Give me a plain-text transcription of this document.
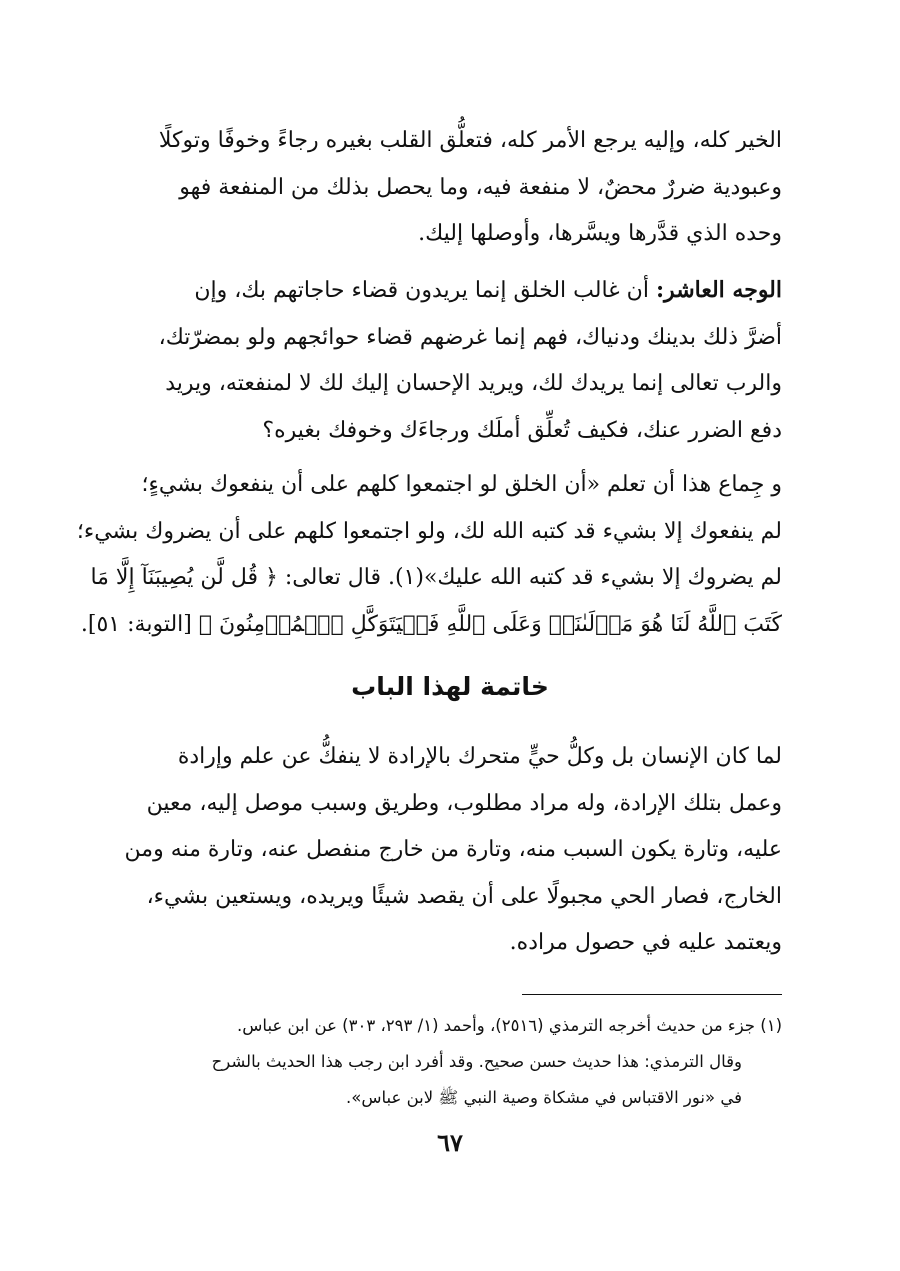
الخير كله، وإليه يرجع الأمر كله، فتعلُّق القلب بغيره رجاءً وخوفًا وتوكلًا
وعبودية ضررٌ محضٌ، لا منفعة فيه، وما يحصل بذلك من المنفعة فهو
وحده الذي قدَّرها ويسَّرها، وأوصلها إليك.
الوجه العاشر: أن غالب الخلق إنما يريدون قضاء حاجاتهم بك، وإن
أضرَّ ذلك بدينك ودنياك، فهم إنما غرضهم قضاء حوائجهم ولو بمضرّتك،
والرب تعالى إنما يريدك لك، ويريد الإحسان إليك لك لا لمنفعته، ويريد
دفع الضرر عنك، فكيف تُعلِّق أملَك ورجاءَك وخوفك بغيره؟
و جِماع هذا أن تعلم «أن الخلق لو اجتمعوا كلهم على أن ينفعوك بشيءٍ؛
لم ينفعوك إلا بشيء قد كتبه الله لك، ولو اجتمعوا كلهم على أن يضروك بشيء؛
لم يضروك إلا بشيء قد كتبه الله عليك»(١). قال تعالى: ﴿ قُل لَّن يُصِيبَنَآ إِلَّا مَا
كَتَبَ ٱللَّهُ لَنَا هُوَ مَوۡلَىٰنَاۚ وَعَلَى ٱللَّهِ فَلۡيَتَوَكَّلِ ٱلۡمُؤۡمِنُونَ ﴾ [التوبة: ٥١].
خاتمة لهذا الباب
لما كان الإنسان بل وكلُّ حيٍّ متحرك بالإرادة لا ينفكُّ عن علم وإرادة
وعمل بتلك الإرادة، وله مراد مطلوب، وطريق وسبب موصل إليه، معين
عليه، وتارة يكون السبب منه، وتارة من خارج منفصل عنه، وتارة منه ومن
الخارج، فصار الحي مجبولًا على أن يقصد شيئًا ويريده، ويستعين بشيء،
ويعتمد عليه في حصول مراده.
(١) جزء من حديث أخرجه الترمذي (٢٥١٦)، وأحمد (١/ ٢٩٣، ٣٠٣) عن ابن عباس.
وقال الترمذي: هذا حديث حسن صحيح. وقد أفرد ابن رجب هذا الحديث بالشرح
في «نور الاقتباس في مشكاة وصية النبي ﷺ لابن عباس».
٦٧
